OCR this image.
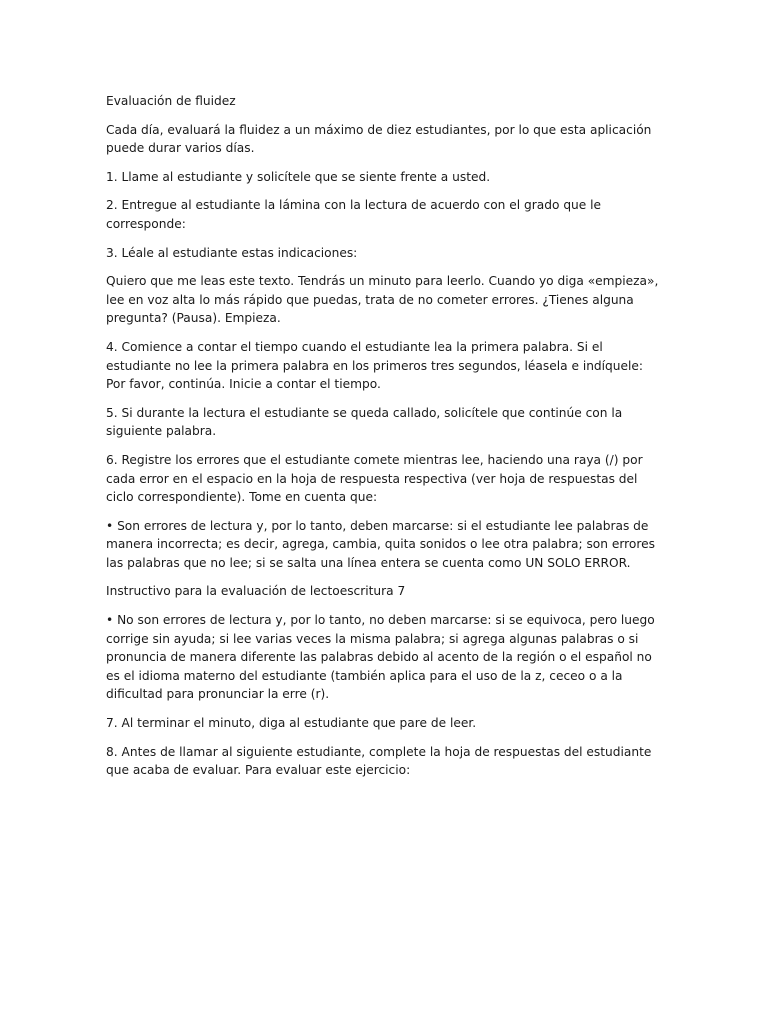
Evaluación de fluidez

Cada día, evaluará la fluidez a un máximo de diez estudiantes, por lo que esta aplicación puede durar varios días.

1. Llame al estudiante y solicítele que se siente frente a usted.

2. Entregue al estudiante la lámina con la lectura de acuerdo con el grado que le corresponde:

3. Léale al estudiante estas indicaciones:

Quiero que me leas este texto. Tendrás un minuto para leerlo. Cuando yo diga «empieza», lee en voz alta lo más rápido que puedas, trata de no cometer errores. ¿Tienes alguna pregunta? (Pausa). Empieza.

4. Comience a contar el tiempo cuando el estudiante lea la primera palabra. Si el estudiante no lee la primera palabra en los primeros tres segundos, léasela e indíquele: Por favor, continúa. Inicie a contar el tiempo.

5. Si durante la lectura el estudiante se queda callado, solicítele que continúe con la siguiente palabra.

6. Registre los errores que el estudiante comete mientras lee, haciendo una raya (/) por cada error en el espacio en la hoja de respuesta respectiva (ver hoja de respuestas del ciclo correspondiente). Tome en cuenta que:

• Son errores de lectura y, por lo tanto, deben marcarse: si el estudiante lee palabras de manera incorrecta; es decir, agrega, cambia, quita sonidos o lee otra palabra; son errores las palabras que no lee; si se salta una línea entera se cuenta como UN SOLO ERROR.

Instructivo para la evaluación de lectoescritura 7

• No son errores de lectura y, por lo tanto, no deben marcarse: si se equivoca, pero luego corrige sin ayuda; si lee varias veces la misma palabra; si agrega algunas palabras o si pronuncia de manera diferente las palabras debido al acento de la región o el español no es el idioma materno del estudiante (también aplica para el uso de la z, ceceo o a la dificultad para pronunciar la erre (r).

7. Al terminar el minuto, diga al estudiante que pare de leer.

8. Antes de llamar al siguiente estudiante, complete la hoja de respuestas del estudiante que acaba de evaluar. Para evaluar este ejercicio:
